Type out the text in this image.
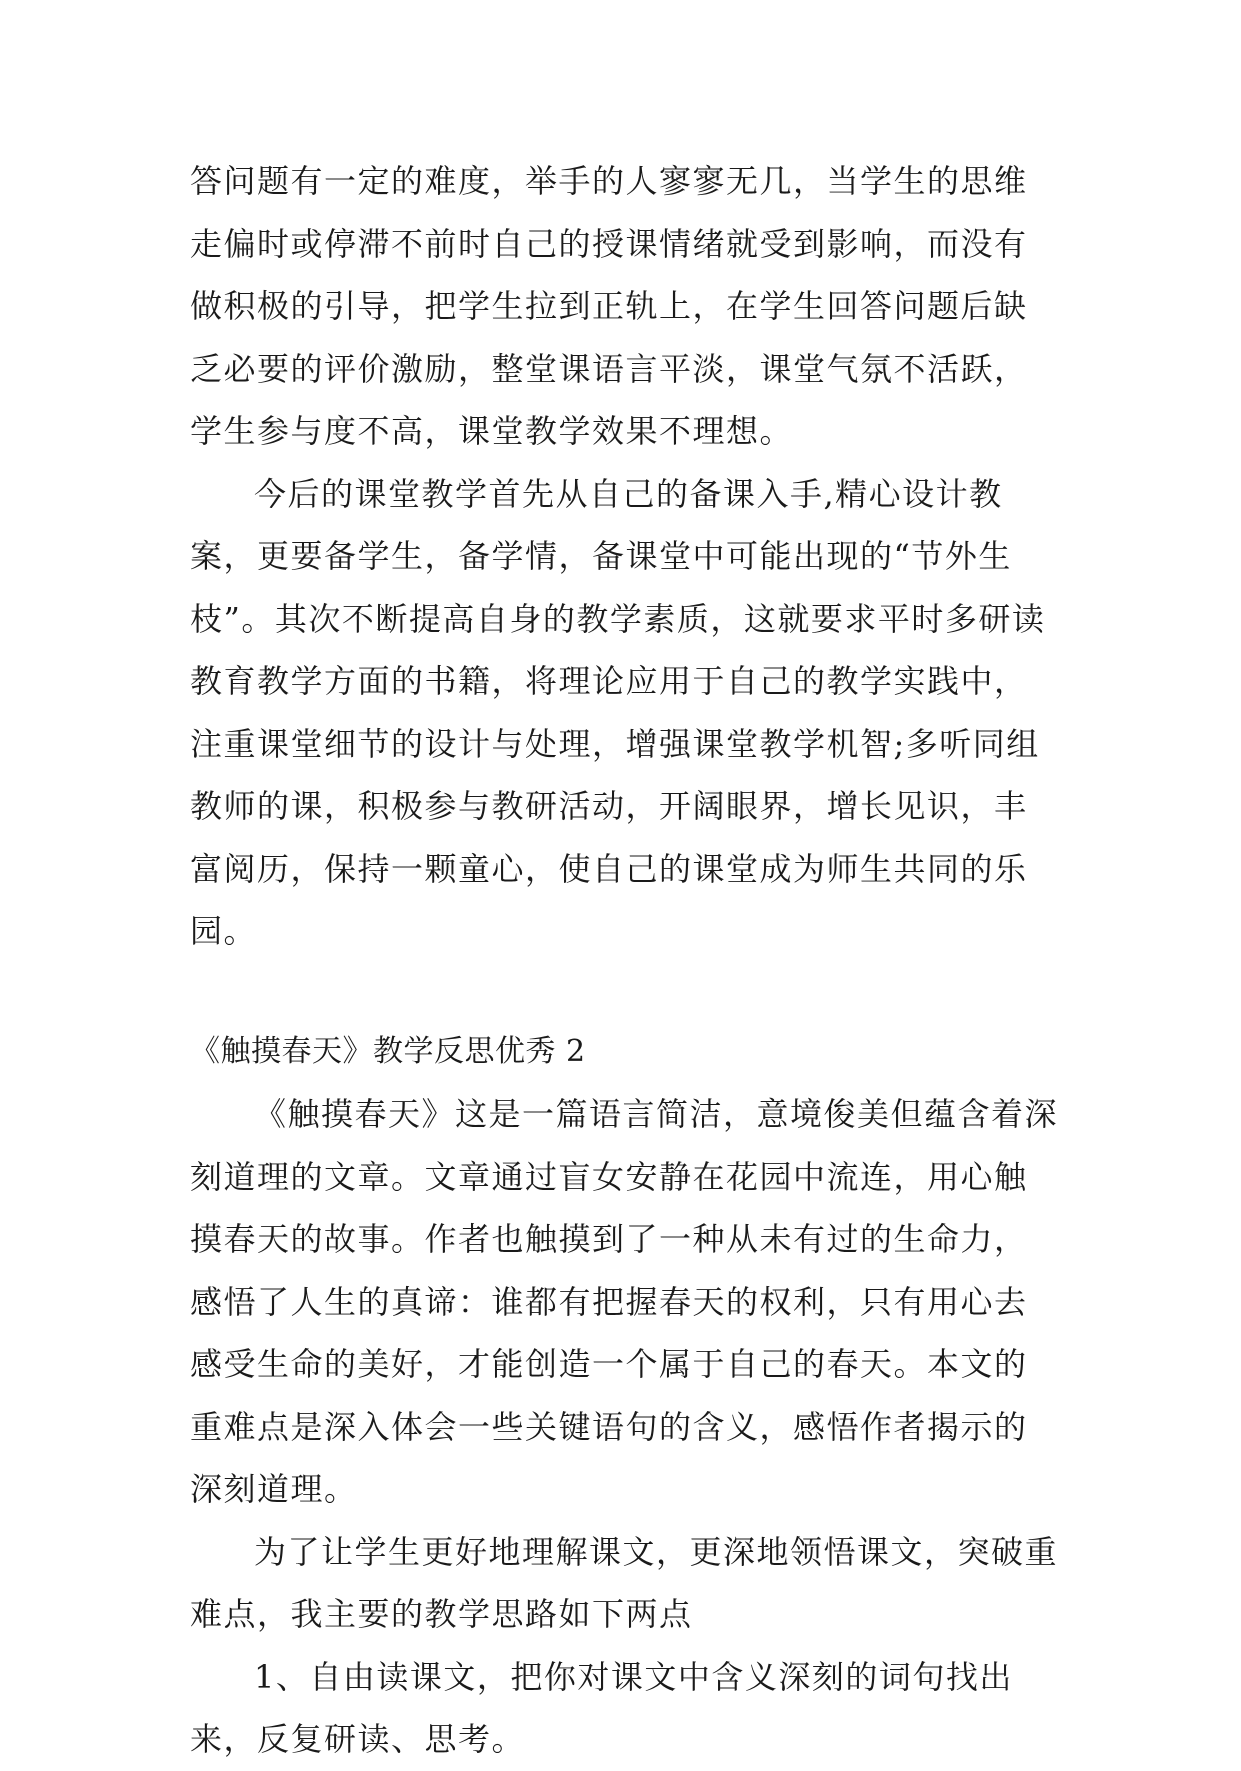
答问题有一定的难度，举手的人寥寥无几，当学生的思维走偏时或停滞不前时自己的授课情绪就受到影响，而没有做积极的引导，把学生拉到正轨上，在学生回答问题后缺乏必要的评价激励，整堂课语言平淡，课堂气氛不活跃，学生参与度不高，课堂教学效果不理想。

今后的课堂教学首先从自己的备课入手,精心设计教案，更要备学生，备学情，备课堂中可能出现的“节外生枝”。其次不断提高自身的教学素质，这就要求平时多研读教育教学方面的书籍，将理论应用于自己的教学实践中，注重课堂细节的设计与处理，增强课堂教学机智;多听同组教师的课，积极参与教研活动，开阔眼界，增长见识，丰富阅历，保持一颗童心，使自己的课堂成为师生共同的乐园。

《触摸春天》教学反思优秀 2

《触摸春天》这是一篇语言简洁，意境俊美但蕴含着深刻道理的文章。文章通过盲女安静在花园中流连，用心触摸春天的故事。作者也触摸到了一种从未有过的生命力，感悟了人生的真谛：谁都有把握春天的权利，只有用心去感受生命的美好，才能创造一个属于自己的春天。本文的重难点是深入体会一些关键语句的含义，感悟作者揭示的深刻道理。

为了让学生更好地理解课文，更深地领悟课文，突破重难点，我主要的教学思路如下两点

1、自由读课文，把你对课文中含义深刻的词句找出来，反复研读、思考。
